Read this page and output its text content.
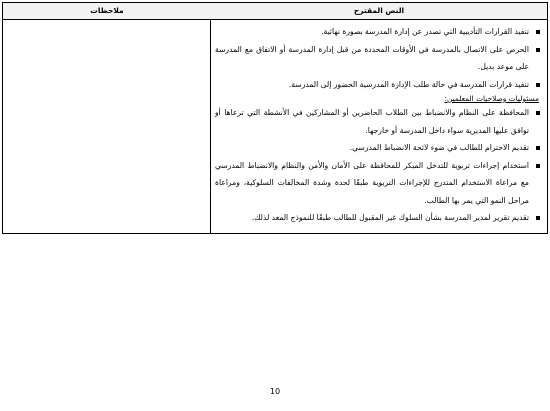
النص المقترح
تنفيذ القرارات التأديبية التي تصدر عن إدارة المدرسة بصورة نهائية.
الحرص على الاتصال بالمدرسة في الأوقات المحددة من قبل إدارة المدرسة أو الاتفاق مع المدرسة على موعد بديل.
تنفيذ قرارات المدرسة في حالة طلب الإدارة المدرسية الحضور إلى المدرسة.

مسئوليات وصلاحيات المعلمين:

المحافظة على النظام والانضباط بين الطلاب الحاضرين أو المشاركين في الأنشطة التي ترعاها أو توافق عليها المديرية سواء داخل المدرسة أو خارجها.
تقديم الاحترام للطالب في ضوء لائحة الانضباط المدرسي.
استخدام إجراءات تربوية للتدخل المبكر للمحافظة على الأمان والأمن والنظام والانضباط المدرسي مع مراعاة الاستخدام المتدرج للإجراءات التربوية طبقًا لحدة وشدة المخالفات السلوكية، ومراعاة مراحل النمو التي يمر بها الطالب.
تقديم تقرير لمدير المدرسة بشأن السلوك غير المقبول للطالب طبقًا للنموذج المعد لذلك.
ملاحظات
10
